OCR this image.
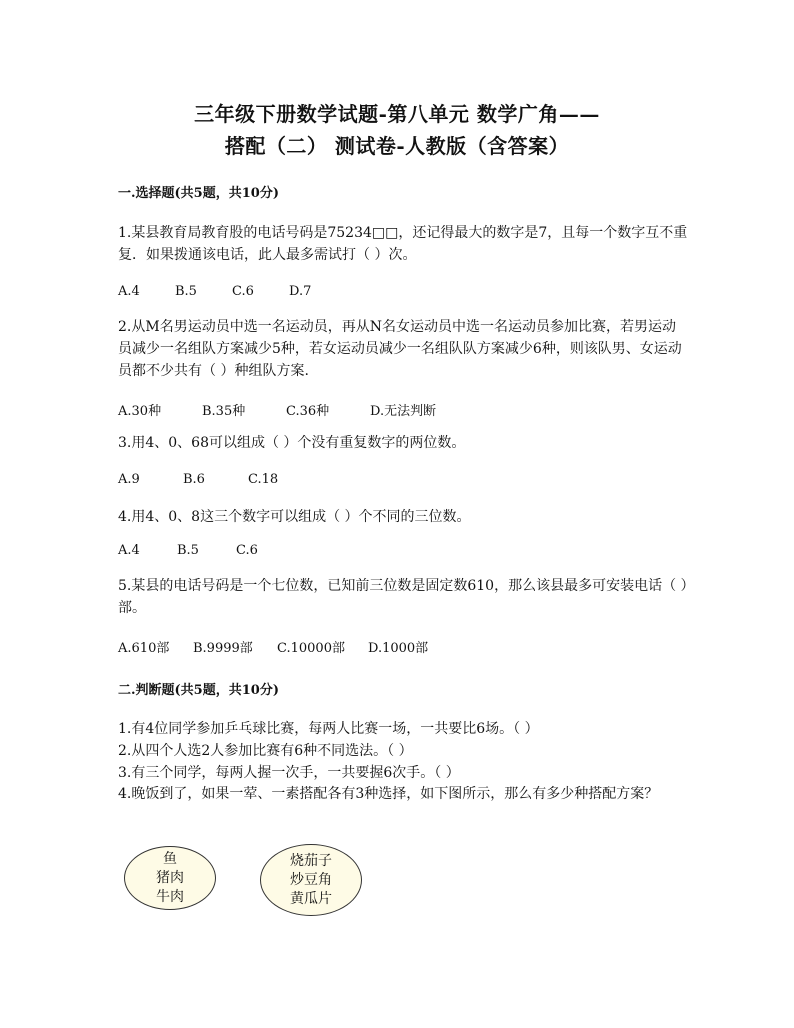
三年级下册数学试题-第八单元 数学广角——
搭配（二） 测试卷-人教版（含答案）
一.选择题(共5题，共10分)
1.某县教育局教育股的电话号码是75234□□，还记得最大的数字是7，且每一个数字互不重复．如果拨通该电话，此人最多需试打（ ）次。
A.4	B.5	C.6	D.7
2.从M名男运动员中选一名运动员，再从N名女运动员中选一名运动员参加比赛，若男运动员减少一名组队方案减少5种，若女运动员减少一名组队队方案减少6种，则该队男、女运动员都不少共有（ ）种组队方案.
A.30种	B.35种	C.36种	D.无法判断
3.用4、0、68可以组成（ ）个没有重复数字的两位数。
A.9	B.6	C.18
4.用4、0、8这三个数字可以组成（ ）个不同的三位数。
A.4	B.5	C.6
5.某县的电话号码是一个七位数，已知前三位数是固定数610，那么该县最多可安装电话（ ）部。
A.610部 B.9999部 C.10000部 D.1000部
二.判断题(共5题，共10分)
1.有4位同学参加乒乓球比赛，每两人比赛一场，一共要比6场。（ ）
2.从四个人选2人参加比赛有6种不同选法。（ ）
3.有三个同学，每两人握一次手，一共要握6次手。（ ）
4.晚饭到了，如果一荤、一素搭配各有3种选择，如下图所示，那么有多少种搭配方案？
鱼
猪肉
牛肉
烧茄子
炒豆角
黄瓜片
